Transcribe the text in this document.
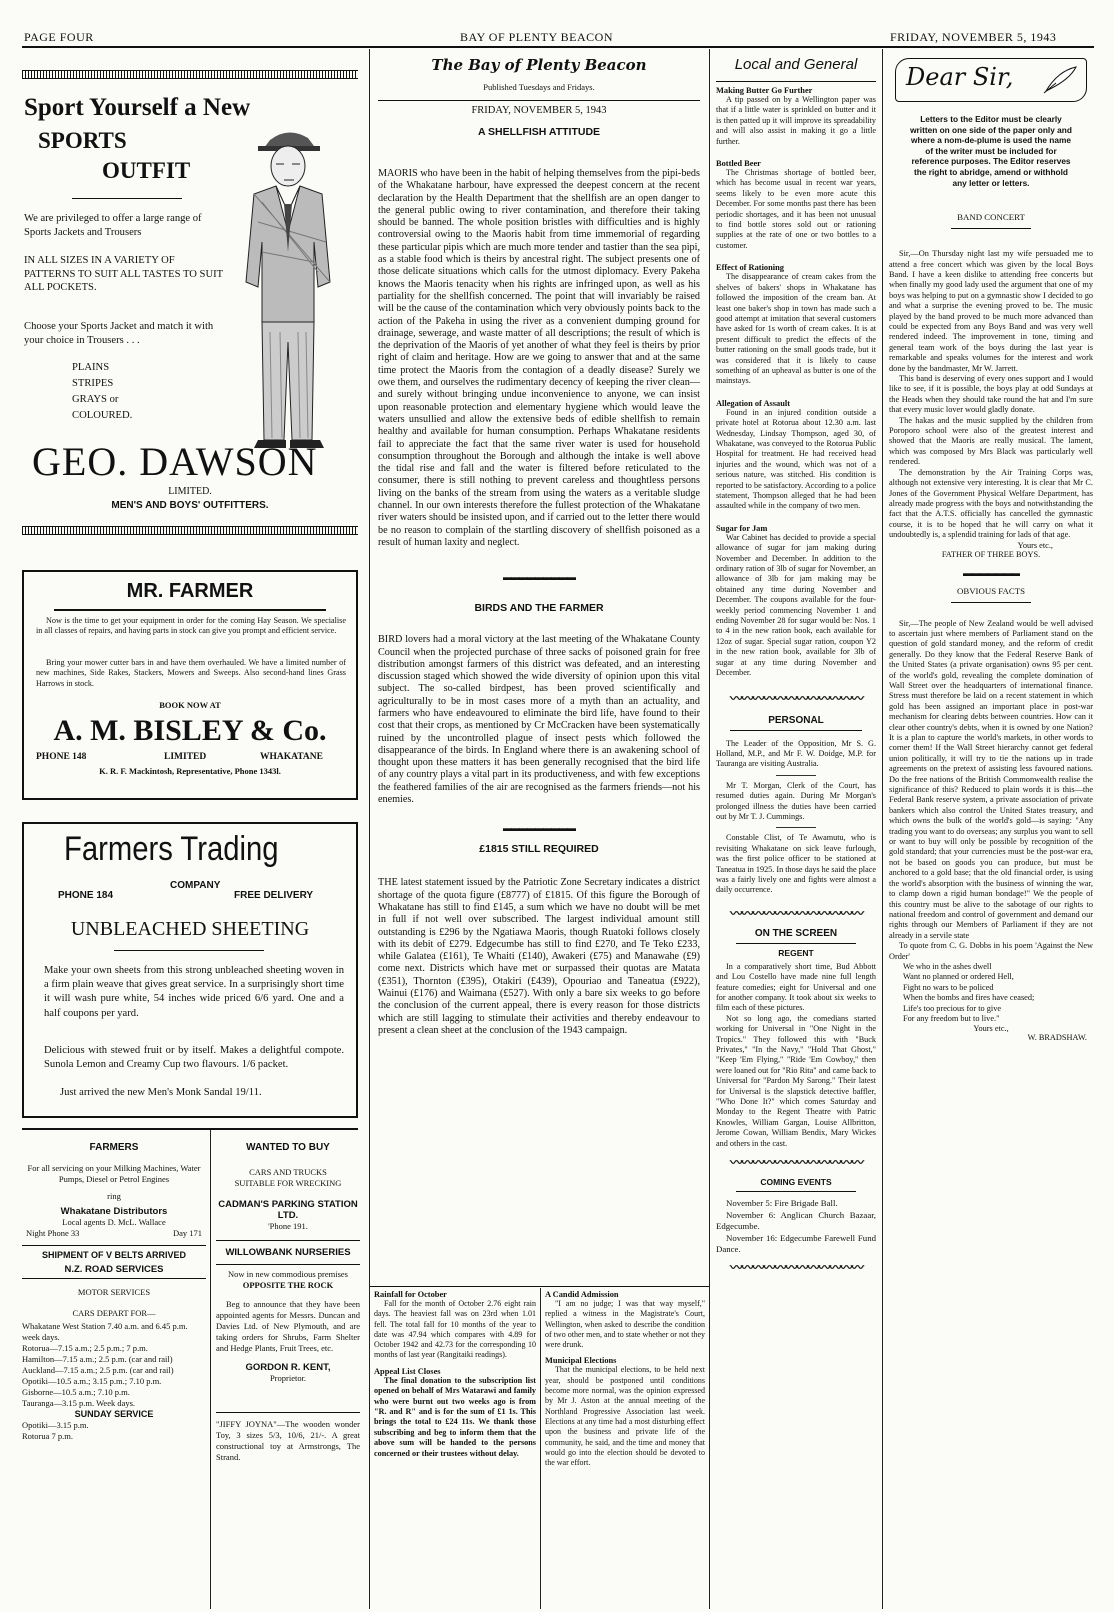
PAGE FOUR	BAY OF PLENTY BEACON	FRIDAY, NOVEMBER 5, 1943
Sport Yourself a New
SPORTS
OUTFIT
We are privileged to offer a large range of Sports Jackets and Trousers
IN ALL SIZES IN A VARIETY OF PATTERNS TO SUIT ALL TASTES TO SUIT ALL POCKETS.
Choose your Sports Jacket and match it with your choice in Trousers . . .
PLAINS
STRIPES
GRAYS or
COLOURED.
GEO. DAWSON
LIMITED.
MEN'S AND BOYS' OUTFITTERS.
MR. FARMER
Now is the time to get your equipment in order for the coming Hay Season. We specialise in all classes of repairs, and having parts in stock can give you prompt and efficient service.
Bring your mower cutter bars in and have them overhauled. We have a limited number of new machines, Side Rakes, Stackers, Mowers and Sweeps. Also second-hand lines Grass Harrows in stock.
BOOK NOW AT
A. M. BISLEY & Co.
PHONE 148	LIMITED	WHAKATANE
K. R. F. Mackintosh, Representative, Phone 1343l.
Farmers Trading
COMPANY
PHONE 184	FREE DELIVERY
UNBLEACHED SHEETING
Make your own sheets from this strong unbleached sheeting woven in a firm plain weave that gives great service. In a surprisingly short time it will wash pure white, 54 inches wide priced 6/6 yard. One and a half coupons per yard.
Delicious with stewed fruit or by itself. Makes a delightful compote. Sunola Lemon and Creamy Cup two flavours. 1/6 packet.
Just arrived the new Men's Monk Sandal 19/11.
FARMERS
For all servicing on your Milking Machines, Water Pumps, Diesel or Petrol Engines
ring
Whakatane Distributors
Local agents D. McL. Wallace
Night Phone 33	Day 171
SHIPMENT OF V BELTS ARRIVED
N.Z. ROAD SERVICES
MOTOR SERVICES
CARS DEPART FOR—
Whakatane West Station 7.40 a.m. and 6.45 p.m. week days.
Rotorua—7.15 a.m.; 2.5 p.m.; 7 p.m.
Hamilton—7.15 a.m.; 2.5 p.m. (car and rail)
Auckland—7.15 a.m.; 2.5 p.m. (car and rail)
Opotiki—10.5 a.m.; 3.15 p.m.; 7.10 p.m.
Gisborne—10.5 a.m.; 7.10 p.m.
Tauranga—3.15 p.m. Week days.
SUNDAY SERVICE
Opotiki—3.15 p.m.
Rotorua 7 p.m.
WANTED TO BUY
CARS AND TRUCKS SUITABLE FOR WRECKING
CADMAN'S PARKING STATION LTD.
'Phone 191.
WILLOWBANK NURSERIES
Now in new commodious premises
OPPOSITE THE ROCK
Beg to announce that they have been appointed agents for Messrs. Duncan and Davies Ltd. of New Plymouth, and are taking orders for Shrubs, Farm Shelter and Hedge Plants, Fruit Trees, etc.
GORDON R. KENT,
Proprietor.
"JIFFY JOYNA"—The wooden wonder Toy, 3 sizes 5/3, 10/6, 21/-. A great constructional toy at Armstrongs, The Strand.
The Bay of Plenty Beacon
Published Tuesdays and Fridays.
FRIDAY, NOVEMBER 5, 1943
A SHELLFISH ATTITUDE
MAORIS who have been in the habit of helping themselves from the pipi-beds of the Whakatane harbour, have expressed the deepest concern at the recent declaration by the Health Department that the shellfish are an open danger to the general public owing to river contamination, and therefore their taking should be banned. The whole position bristles with difficulties and is highly controversial owing to the Maoris habit from time immemorial of regarding these particular pipis which are much more tender and tastier than the sea pipi, as a stable food which is theirs by ancestral right. The subject presents one of those delicate situations which calls for the utmost diplomacy. Every Pakeha knows the Maoris tenacity when his rights are infringed upon, as well as his partiality for the shellfish concerned. The point that will invariably be raised will be the cause of the contamination which very obviously points back to the action of the Pakeha in using the river as a convenient dumping ground for drainage, sewerage, and waste matter of all descriptions; the result of which is the deprivation of the Maoris of yet another of what they feel is theirs by prior right of claim and heritage. How are we going to answer that and at the same time protect the Maoris from the contagion of a deadly disease? Surely we owe them, and ourselves the rudimentary decency of keeping the river clean—and surely without bringing undue inconvenience to anyone, we can insist upon reasonable protection and elementary hygiene which would leave the waters unsullied and allow the extensive beds of edible shellfish to remain healthy and available for human consumption. Perhaps Whakatane residents fail to appreciate the fact that the same river water is used for household consumption throughout the Borough and although the intake is well above the tidal rise and fall and the water is filtered before reticulated to the consumer, there is still nothing to prevent careless and thoughtless persons living on the banks of the stream from using the waters as a veritable sludge channel. In our own interests therefore the fullest protection of the Whakatane river waters should be insisted upon, and if carried out to the letter there would be no reason to complain of the startling discovery of shellfish poisoned as a result of human laxity and neglect.
▬▬▬▬▬▬▬▬▬
BIRDS AND THE FARMER
BIRD lovers had a moral victory at the last meeting of the Whakatane County Council when the projected purchase of three sacks of poisoned grain for free distribution amongst farmers of this district was defeated, and an interesting discussion staged which showed the wide diversity of opinion upon this vital subject. The so-called birdpest, has been proved scientifically and agriculturally to be in most cases more of a myth than an actuality, and farmers who have endeavoured to eliminate the bird life, have found to their cost that their crops, as mentioned by Cr McCracken have been systematically ruined by the uncontrolled plague of insect pests which followed the disappearance of the birds. In England where there is an awakening school of thought upon these matters it has been generally recognised that the bird life of any country plays a vital part in its productiveness, and with few exceptions the feathered families of the air are recognised as the farmers friends—not his enemies.
▬▬▬▬▬▬▬▬▬
£1815 STILL REQUIRED
THE latest statement issued by the Patriotic Zone Secretary indicates a district shortage of the quota figure (£8777) of £1815. Of this figure the Borough of Whakatane has still to find £145, a sum which we have no doubt will be met in full if not well over subscribed. The largest individual amount still outstanding is £296 by the Ngatiawa Maoris, though Ruatoki follows closely with its debit of £279. Edgecumbe has still to find £270, and Te Teko £233, while Galatea (£161), Te Whaiti (£140), Awakeri (£75) and Manawahe (£9) come next. Districts which have met or surpassed their quotas are Matata (£351), Thornton (£395), Otakiri (£439), Opouriao and Taneatua (£922), Wainui (£176) and Waimana (£527). With only a bare six weeks to go before the conclusion of the current appeal, there is every reason for those districts which are still lagging to stimulate their activities and thereby endeavour to present a clean sheet at the conclusion of the 1943 campaign.
Rainfall for October
Fall for the month of October 2.76 eight rain days. The heaviest fall was on 23rd when 1.01 fell. The total fall for 10 months of the year to date was 47.94 which compares with 4.89 for October 1942 and 42.73 for the corresponding 10 months of last year (Rangitaiki readings).
Appeal List Closes
The final donation to the subscription list opened on behalf of Mrs Watarawi and family who were burnt out two weeks ago is from "R. and R" and is for the sum of £1 1s. This brings the total to £24 11s. We thank those subscribing and beg to inform them that the above sum will be handed to the persons concerned or their trustees without delay.
A Candid Admission
"I am no judge; I was that way myself," replied a witness in the Magistrate's Court, Wellington, when asked to describe the condition of two other men, and to state whether or not they were drunk.
Municipal Elections
That the municipal elections, to be held next year, should be postponed until conditions become more normal, was the opinion expressed by Mr J. Aston at the annual meeting of the Northland Progressive Association last week. Elections at any time had a most disturbing effect upon the business and private life of the community, he said, and the time and money that would go into the election should be devoted to the war effort.
Local and General
Making Butter Go Further
A tip passed on by a Wellington paper was that if a little water is sprinkled on butter and it is then patted up it will improve its spreadability and will also assist in making it go a little further.
Bottled Beer
The Christmas shortage of bottled beer, which has become usual in recent war years, seems likely to be even more acute this December. For some months past there has been periodic shortages, and it has been not unusual to find bottle stores sold out or rationing supplies at the rate of one or two bottles to a customer.
Effect of Rationing
The disappearance of cream cakes from the shelves of bakers' shops in Whakatane has followed the imposition of the cream ban. At least one baker's shop in town has made such a good attempt at imitation that several customers have asked for 1s worth of cream cakes. It is at present difficult to predict the effects of the butter rationing on the small goods trade, but it was considered that it is likely to cause something of an upheaval as butter is one of the mainstays.
Allegation of Assault
Found in an injured condition outside a private hotel at Rotorua about 12.30 a.m. last Wednesday, Lindsay Thompson, aged 30, of Whakatane, was conveyed to the Rotorua Public Hospital for treatment. He had received head injuries and the wound, which was not of a serious nature, was stitched. His condition is reported to be satisfactory. According to a police statement, Thompson alleged that he had been assaulted while in the company of two men.
Sugar for Jam
War Cabinet has decided to provide a special allowance of sugar for jam making during November and December. In addition to the ordinary ration of 3lb of sugar for November, an allowance of 3lb for jam making may be obtained any time during November and December. The coupons available for the four-weekly period commencing November 1 and ending November 28 for sugar would be: Nos. 1 to 4 in the new ration book, each available for 12oz of sugar. Special sugar ration, coupon Y2 in the new ration book, available for 3lb of sugar at any time during November and December.
〰〰〰〰〰〰〰〰〰〰〰〰
PERSONAL
The Leader of the Opposition, Mr S. G. Holland, M.P., and Mr F. W. Doidge, M.P. for Tauranga are visiting Australia.
Mr T. Morgan, Clerk of the Court, has resumed duties again. During Mr Morgan's prolonged illness the duties have been carried out by Mr T. J. Cummings.
Constable Clist, of Te Awamutu, who is revisiting Whakatane on sick leave furlough, was the first police officer to be stationed at Taneatua in 1925. In those days he said the place was a fairly lively one and fights were almost a daily occurrence.
〰〰〰〰〰〰〰〰〰〰〰〰
ON THE SCREEN
REGENT
In a comparatively short time, Bud Abbott and Lou Costello have made nine full length feature comedies; eight for Universal and one for another company. It took about six weeks to film each of these pictures.
Not so long ago, the comedians started working for Universal in "One Night in the Tropics." They followed this with "Buck Privates," "In the Navy," "Hold That Ghost," "Keep 'Em Flying," "Ride 'Em Cowboy," then were loaned out for "Rio Rita" and came back to Universal for "Pardon My Sarong." Their latest for Universal is the slapstick detective baffler, "Who Done It?" which comes Saturday and Monday to the Regent Theatre with Patric Knowles, William Gargan, Louise Allbritton, Jerome Cowan, William Bendix, Mary Wickes and others in the cast.
〰〰〰〰〰〰〰〰〰〰〰〰
COMING EVENTS
November 5: Fire Brigade Ball.
November 6: Anglican Church Bazaar, Edgecumbe.
November 16: Edgecumbe Farewell Fund Dance.
〰〰〰〰〰〰〰〰〰〰〰〰
Dear Sir,
Letters to the Editor must be clearly written on one side of the paper only and where a nom-de-plume is used the name of the writer must be included for reference purposes. The Editor reserves the right to abridge, amend or withhold any letter or letters.
BAND CONCERT
Sir,—On Thursday night last my wife persuaded me to attend a free concert which was given by the local Boys Band. I have a keen dislike to attending free concerts but when finally my good lady used the argument that one of my boys was helping to put on a gymnastic show I decided to go and what a surprise the evening proved to be. The music played by the band proved to be much more advanced than could be expected from any Boys Band and was very well rendered indeed. The improvement in tone, timing and general team work of the boys during the last year is remarkable and speaks volumes for the interest and work done by the bandmaster, Mr W. Jarrett.
This band is deserving of every ones support and I would like to see, if it is possible, the boys play at odd Sundays at the Heads when they should take round the hat and I'm sure that every music lover would gladly donate.
The hakas and the music supplied by the children from Poroporo school were also of the greatest interest and showed that the Maoris are really musical. The lament, which was composed by Mrs Black was particularly well rendered.
The demonstration by the Air Training Corps was, although not extensive very interesting. It is clear that Mr C. Jones of the Government Physical Welfare Department, has already made progress with the boys and notwithstanding the fact that the A.T.S. officially has cancelled the gymnastic course, it is to be hoped that he will carry on what it undoubtedly is, a splendid training for lads of that age.
Yours etc.,
FATHER OF THREE BOYS.
▬▬▬▬▬▬▬
OBVIOUS FACTS
Sir,—The people of New Zealand would be well advised to ascertain just where members of Parliament stand on the question of gold standard money, and the reform of credit generally. Do they know that the Federal Reserve Bank of the United States (a private organisation) owns 95 per cent. of the world's gold, revealing the complete domination of Wall Street over the headquarters of international finance. Stress must therefore be laid on a recent statement in which gold has been assigned an important place in post-war mechanism for clearing debts between countries. How can it clear other country's debts, when it is owned by one Nation? It is a plan to capture the world's markets, in other words to corner them! If the Wall Street hierarchy cannot get federal union politically, it will try to tie the nations up in trade agreements on the pretext of assisting less favoured nations. Do the free nations of the British Commonwealth realise the significance of this? Reduced to plain words it is this—the Federal Bank reserve system, a private association of private bankers which also control the United States treasury, and which owns the bulk of the world's gold—is saying: "Any trading you want to do overseas; any surplus you want to sell or want to buy will only be possible by recognition of the gold standard; that your currencies must be the post-war era, not be based on goods you can produce, but must be anchored to a gold base; that the old financial order, is using the world's absorption with the business of winning the war, to clamp down a rigid human bondage!" We the people of this country must be alive to the sabotage of our rights to national freedom and control of government and demand our rights through our Members of Parliament if they are not already in a servile state
To quote from C. G. Dobbs in his poem 'Against the New Order'
We who in the ashes dwell
Want no planned or ordered Hell,
Fight no wars to be policed
When the bombs and fires have ceased;
Life's too precious for to give
For any freedom but to live."
Yours etc.,
W. BRADSHAW.
